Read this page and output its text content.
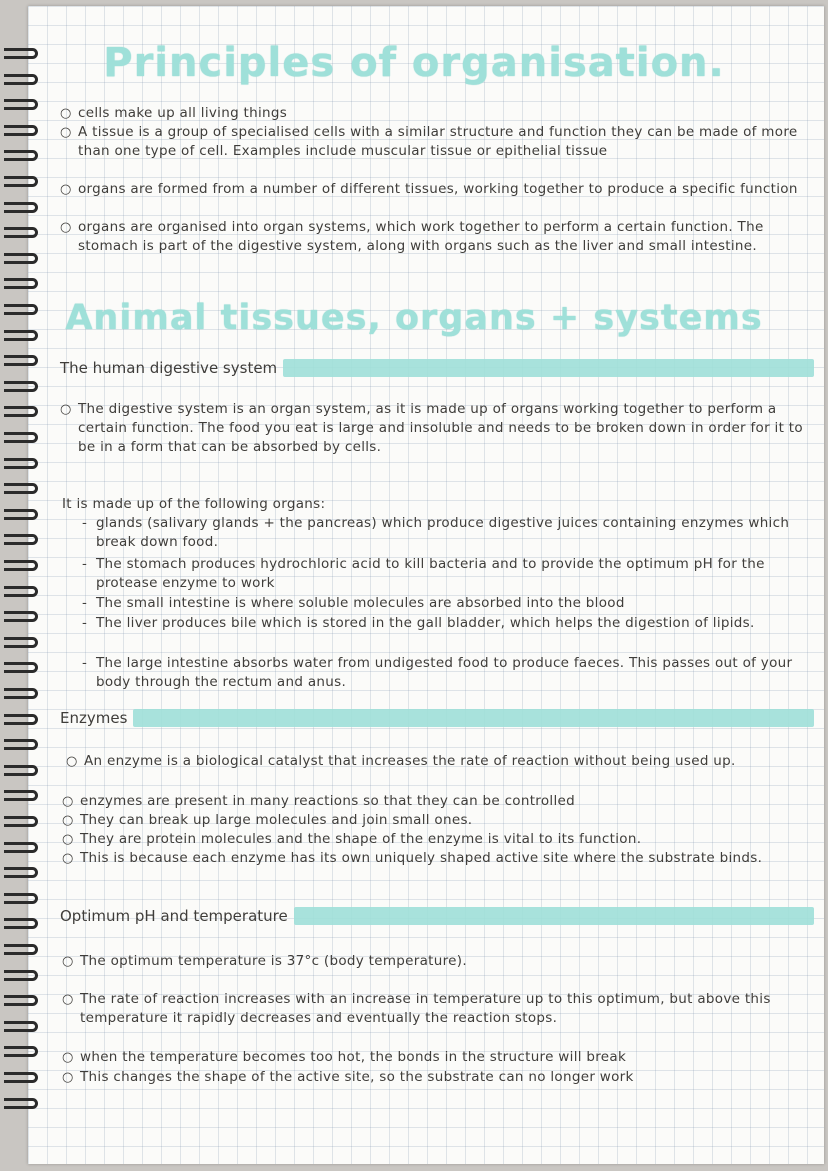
Principles of organisation.
○ cells make up all living things
○ A tissue is a group of specialised cells with a similar structure and function they can be made of more than one type of cell. Examples include muscular tissue or epithelial tissue
○ organs are formed from a number of different tissues, working together to produce a specific function
○ organs are organised into organ systems, which work together to perform a certain function. The stomach is part of the digestive system, along with organs such as the liver and small intestine.
Animal tissues, organs + systems
The human digestive system
○ The digestive system is an organ system, as it is made up of organs working together to perform a certain function. The food you eat is large and insoluble and needs to be broken down in order for it to be in a form that can be absorbed by cells.
It is made up of the following organs:
- glands (salivary glands + the pancreas) which produce digestive juices containing enzymes which break down food.
- The stomach produces hydrochloric acid to kill bacteria and to provide the optimum pH for the protease enzyme to work
- The small intestine is where soluble molecules are absorbed into the blood
- The liver produces bile which is stored in the gall bladder, which helps the digestion of lipids.
- The large intestine absorbs water from undigested food to produce faeces. This passes out of your body through the rectum and anus.
Enzymes
○ An enzyme is a biological catalyst that increases the rate of reaction without being used up.
○ enzymes are present in many reactions so that they can be controlled
○ They can break up large molecules and join small ones.
○ They are protein molecules and the shape of the enzyme is vital to its function.
○ This is because each enzyme has its own uniquely shaped active site where the substrate binds.
Optimum pH and temperature
○ The optimum temperature is 37°c (body temperature).
○ The rate of reaction increases with an increase in temperature up to this optimum, but above this temperature it rapidly decreases and eventually the reaction stops.
○ when the temperature becomes too hot, the bonds in the structure will break
○ This changes the shape of the active site, so the substrate can no longer work
